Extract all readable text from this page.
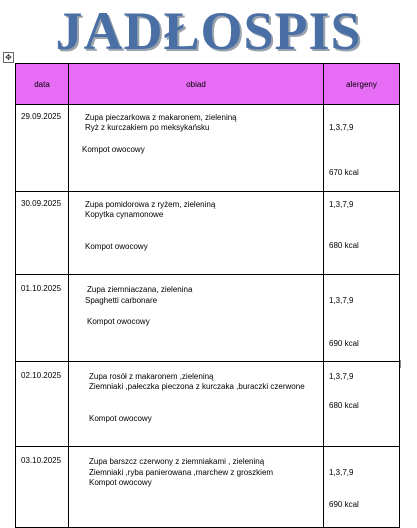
JADŁOSPIS
✥
data	obiad	alergeny

29.09.2025	Zupa pieczarkowa z makaronem, zieleniną
Ryż z kurczakiem po meksykańsku
Kompot owocowy	1,3,7,9
670 kcal

30.09.2025	Zupa pomidorowa z ryżem, zieleniną
Kopytka cynamonowe
Kompot owocowy	1,3,7,9
680 kcal

01.10.2025	Zupa ziemniaczana, zielenina
Spaghetti carbonare
Kompot owocowy	1,3,7,9
690 kcal

02.10.2025	Zupa rosół z makaronem ,zieleniną
Ziemniaki ,pałeczka pieczona z kurczaka ,buraczki czerwone
Kompot owocowy	1,3,7,9
680 kcal

03.10.2025	Zupa barszcz czerwony z ziemniakami , zieleniną
Ziemniaki ,ryba panierowana ,marchew z groszkiem
Kompot owocowy	1,3,7,9
690 kcal
